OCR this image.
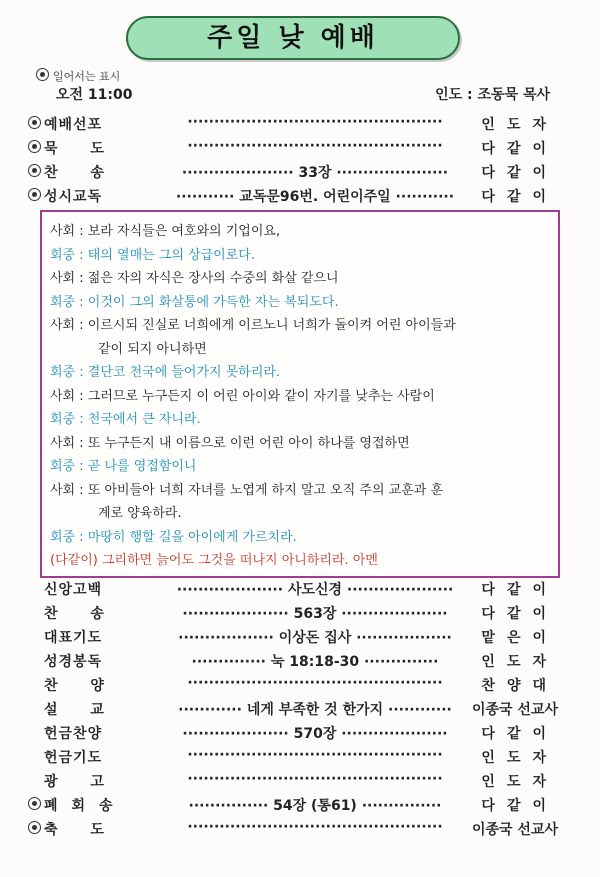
주일 낮 예배
일어서는 표시
오전 11:00	인도 : 조동묵 목사
예배선포	················································	인도자
묵 도	················································	다같이
찬 송	····················· 33장 ·····················	다같이
성시교독	··········· 교독문96번. 어린이주일 ···········	다같이
사회 : 보라 자식들은 여호와의 기업이요,
회중 : 태의 열매는 그의 상급이로다.
사회 : 젊은 자의 자식은 장사의 수중의 화살 같으니
회중 : 이것이 그의 화살통에 가득한 자는 복되도다.
사회 : 이르시되 진실로 너희에게 이르노니 너희가 돌이켜 어린 아이들과
같이 되지 아니하면
회중 : 결단코 천국에 들어가지 못하리라.
사회 : 그러므로 누구든지 이 어린 아이와 같이 자기를 낮추는 사람이
회중 : 천국에서 큰 자니라.
사회 : 또 누구든지 내 이름으로 이런 어린 아이 하나를 영접하면
회중 : 곧 나를 영접함이니
사회 : 또 아비들아 너희 자녀를 노엽게 하지 말고 오직 주의 교훈과 훈
계로 양육하라.
회중 : 마땅히 행할 길을 아이에게 가르치라.
(다같이) 그리하면 늙어도 그것을 떠나지 아니하리라. 아멘
신앙고백	···················· 사도신경 ····················	다같이
찬 송	···················· 563장 ····················	다같이
대표기도	·················· 이상돈 집사 ··················	맡은이
성경봉독	·············· 눅 18:18-30 ··············	인도자
찬 양	················································	찬양대
설 교	············ 네게 부족한 것 한가지 ············	이종국 선교사
헌금찬양	···················· 570장 ····················	다같이
헌금기도	················································	인도자
광 고	················································	인도자
폐회송	··············· 54장 (통61) ···············	다같이
축 도	················································	이종국 선교사
